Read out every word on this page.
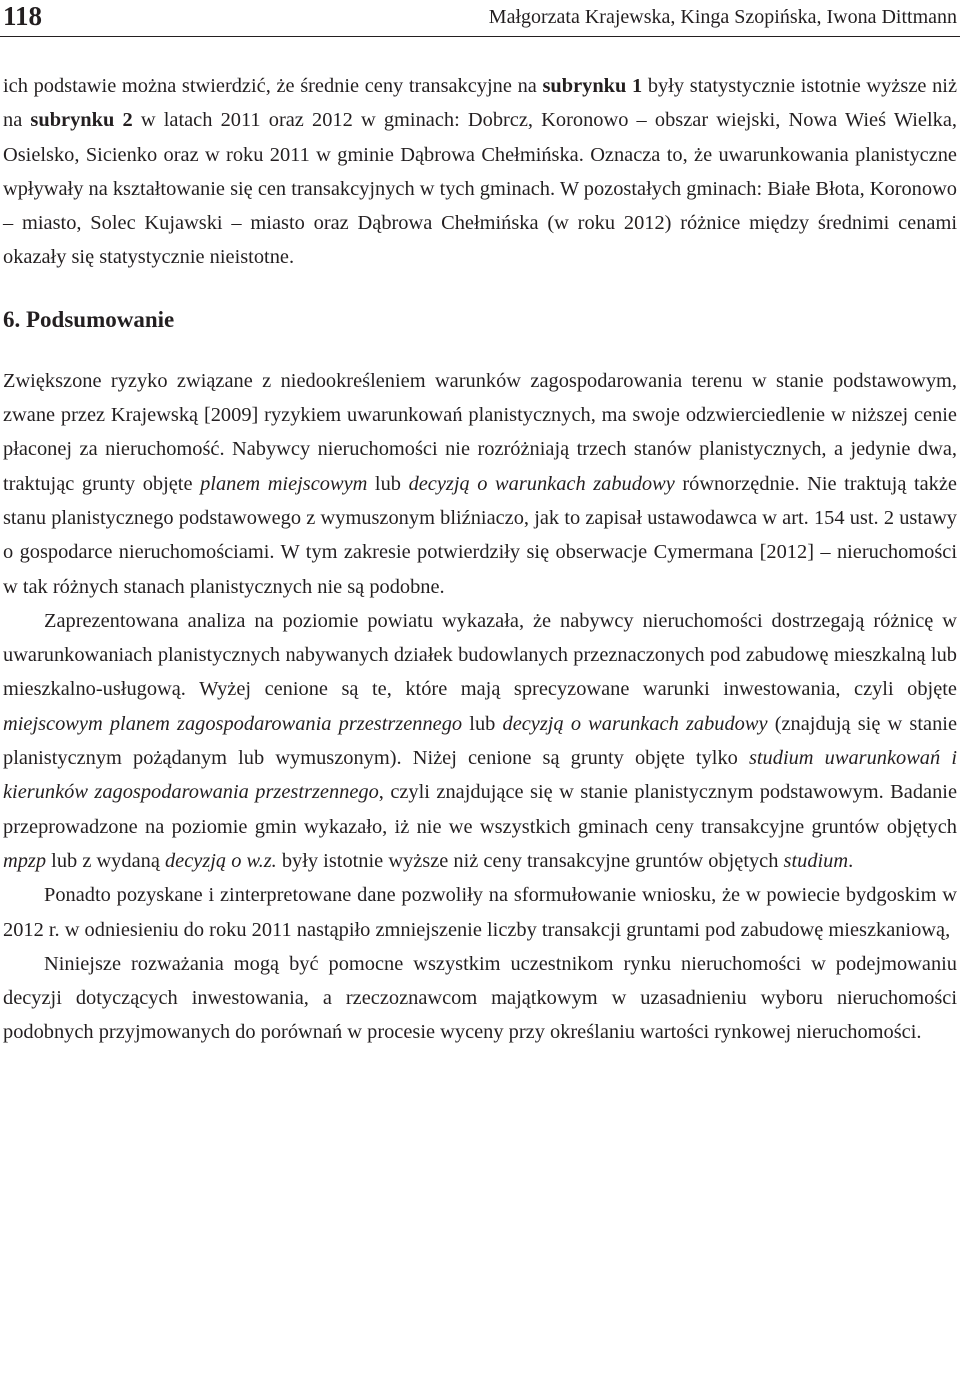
118	Małgorzata Krajewska, Kinga Szopińska, Iwona Dittmann

ich podstawie można stwierdzić, że średnie ceny transakcyjne na subrynku 1 były statystycznie istotnie wyższe niż na subrynku 2 w latach 2011 oraz 2012 w gminach: Dobrcz, Koronowo – obszar wiejski, Nowa Wieś Wielka, Osielsko, Sicienko oraz w roku 2011 w gminie Dąbrowa Chełmińska. Oznacza to, że uwarunkowania planistyczne wpływały na kształtowanie się cen transakcyjnych w tych gminach. W pozostałych gminach: Białe Błota, Koronowo – miasto, Solec Kujawski – miasto oraz Dąbrowa Chełmińska (w roku 2012) różnice między średnimi cenami okazały się statystycznie nieistotne.

6. Podsumowanie

Zwiększone ryzyko związane z niedookreśleniem warunków zagospodarowania terenu w stanie podstawowym, zwane przez Krajewską [2009] ryzykiem uwarunkowań planistycznych, ma swoje odzwierciedlenie w niższej cenie płaconej za nieruchomość. Nabywcy nieruchomości nie rozróżniają trzech stanów planistycznych, a jedynie dwa, traktując grunty objęte planem miejscowym lub decyzją o warunkach zabudowy równorzędnie. Nie traktują także stanu planistycznego podstawowego z wymuszonym bliźniaczo, jak to zapisał ustawodawca w art. 154 ust. 2 ustawy o gospodarce nieruchomościami. W tym zakresie potwierdziły się obserwacje Cymermana [2012] – nieruchomości w tak różnych stanach planistycznych nie są podobne.

Zaprezentowana analiza na poziomie powiatu wykazała, że nabywcy nieruchomości dostrzegają różnicę w uwarunkowaniach planistycznych nabywanych działek budowlanych przeznaczonych pod zabudowę mieszkalną lub mieszkalno-usługową. Wyżej cenione są te, które mają sprecyzowane warunki inwestowania, czyli objęte miejscowym planem zagospodarowania przestrzennego lub decyzją o warunkach zabudowy (znajdują się w stanie planistycznym pożądanym lub wymuszonym). Niżej cenione są grunty objęte tylko studium uwarunkowań i kierunków zagospodarowania przestrzennego, czyli znajdujące się w stanie planistycznym podstawowym. Badanie przeprowadzone na poziomie gmin wykazało, iż nie we wszystkich gminach ceny transakcyjne gruntów objętych mpzp lub z wydaną decyzją o w.z. były istotnie wyższe niż ceny transakcyjne gruntów objętych studium.

Ponadto pozyskane i zinterpretowane dane pozwoliły na sformułowanie wniosku, że w powiecie bydgoskim w 2012 r. w odniesieniu do roku 2011 nastąpiło zmniejszenie liczby transakcji gruntami pod zabudowę mieszkaniową,

Niniejsze rozważania mogą być pomocne wszystkim uczestnikom rynku nieruchomości w podejmowaniu decyzji dotyczących inwestowania, a rzeczoznawcom majątkowym w uzasadnieniu wyboru nieruchomości podobnych przyjmowanych do porównań w procesie wyceny przy określaniu wartości rynkowej nieruchomości.
